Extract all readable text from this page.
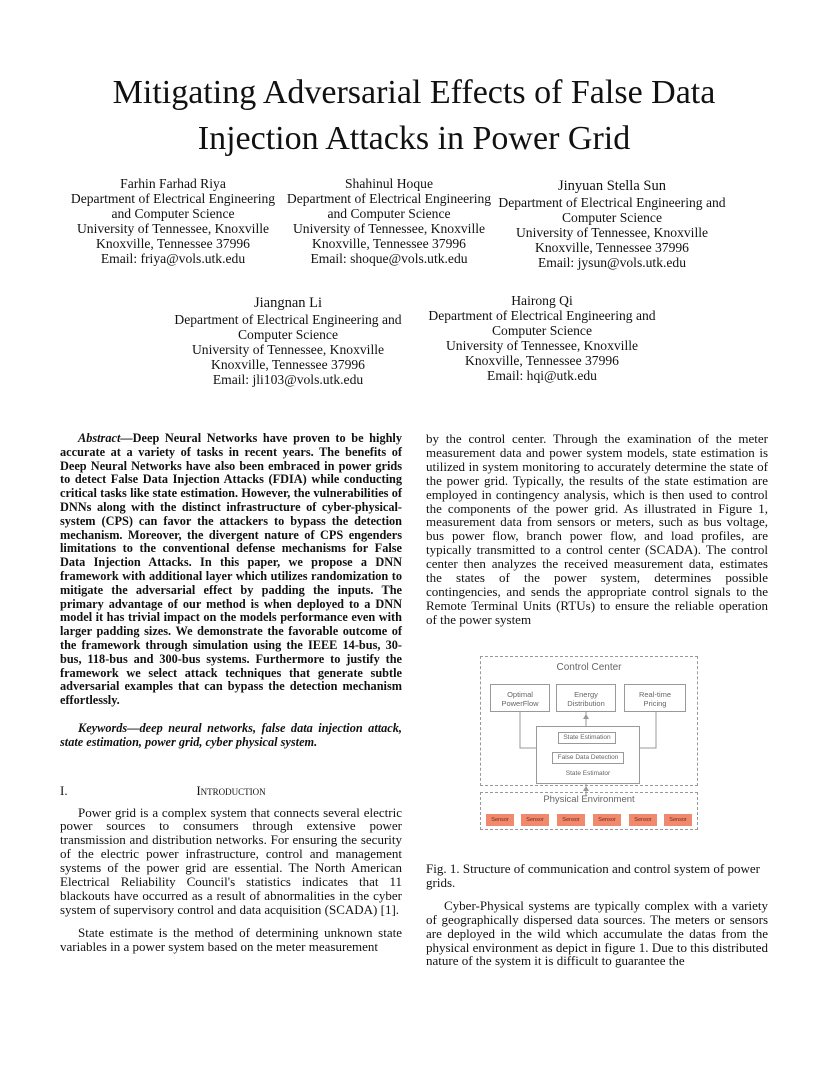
Mitigating Adversarial Effects of False Data
Injection Attacks in Power Grid
Farhin Farhad Riya
Department of Electrical Engineering
and Computer Science
University of Tennessee, Knoxville
Knoxville, Tennessee 37996
Email: friya@vols.utk.edu
Shahinul Hoque
Department of Electrical Engineering
and Computer Science
University of Tennessee, Knoxville
Knoxville, Tennessee 37996
Email: shoque@vols.utk.edu
Jinyuan Stella Sun
Department of Electrical Engineering and
Computer Science
University of Tennessee, Knoxville
Knoxville, Tennessee 37996
Email: jysun@vols.utk.edu
Jiangnan Li
Department of Electrical Engineering and
Computer Science
University of Tennessee, Knoxville
Knoxville, Tennessee 37996
Email: jli103@vols.utk.edu
Hairong Qi
Department of Electrical Engineering and
Computer Science
University of Tennessee, Knoxville
Knoxville, Tennessee 37996
Email: hqi@utk.edu

Abstract—Deep Neural Networks have proven to be highly accurate at a variety of tasks in recent years. The benefits of Deep Neural Networks have also been embraced in power grids to detect False Data Injection Attacks (FDIA) while conducting critical tasks like state estimation. However, the vulnerabilities of DNNs along with the distinct infrastructure of cyber-physical-system (CPS) can favor the attackers to bypass the detection mechanism. Moreover, the divergent nature of CPS engenders limitations to the conventional defense mechanisms for False Data Injection Attacks. In this paper, we propose a DNN framework with additional layer which utilizes randomization to mitigate the adversarial effect by padding the inputs. The primary advantage of our method is when deployed to a DNN model it has trivial impact on the models performance even with larger padding sizes. We demonstrate the favorable outcome of the framework through simulation using the IEEE 14-bus, 30-bus, 118-bus and 300-bus systems. Furthermore to justify the framework we select attack techniques that generate subtle adversarial examples that can bypass the detection mechanism effortlessly.

Keywords—deep neural networks, false data injection attack, state estimation, power grid, cyber physical system.

I.	Introduction

Power grid is a complex system that connects several electric power sources to consumers through extensive power transmission and distribution networks. For ensuring the security of the electric power infrastructure, control and management systems of the power grid are essential. The North American Electrical Reliability Council's statistics indicates that 11 blackouts have occurred as a result of abnormalities in the cyber system of supervisory control and data acquisition (SCADA) [1].

State estimate is the method of determining unknown state variables in a power system based on the meter measurement

by the control center. Through the examination of the meter measurement data and power system models, state estimation is utilized in system monitoring to accurately determine the state of the power grid. Typically, the results of the state estimation are employed in contingency analysis, which is then used to control the components of the power grid. As illustrated in Figure 1, measurement data from sensors or meters, such as bus voltage, bus power flow, branch power flow, and load profiles, are typically transmitted to a control center (SCADA). The control center then analyzes the received measurement data, estimates the states of the power system, determines possible contingencies, and sends the appropriate control signals to the Remote Terminal Units (RTUs) to ensure the reliable operation of the power system

Control Center
Optimal
PowerFlow
Energy
Distribution
Real-time
Pricing
State Estimation
False Data Detection
State Estimator
Physical Environment
Sensor	Sensor	Sensor	Sensor	Sensor	Sensor

Fig. 1. Structure of communication and control system of power grids.

Cyber-Physical systems are typically complex with a variety of geographically dispersed data sources. The meters or sensors are deployed in the wild which accumulate the datas from the physical environment as depict in figure 1. Due to this distributed nature of the system it is difficult to guarantee the
